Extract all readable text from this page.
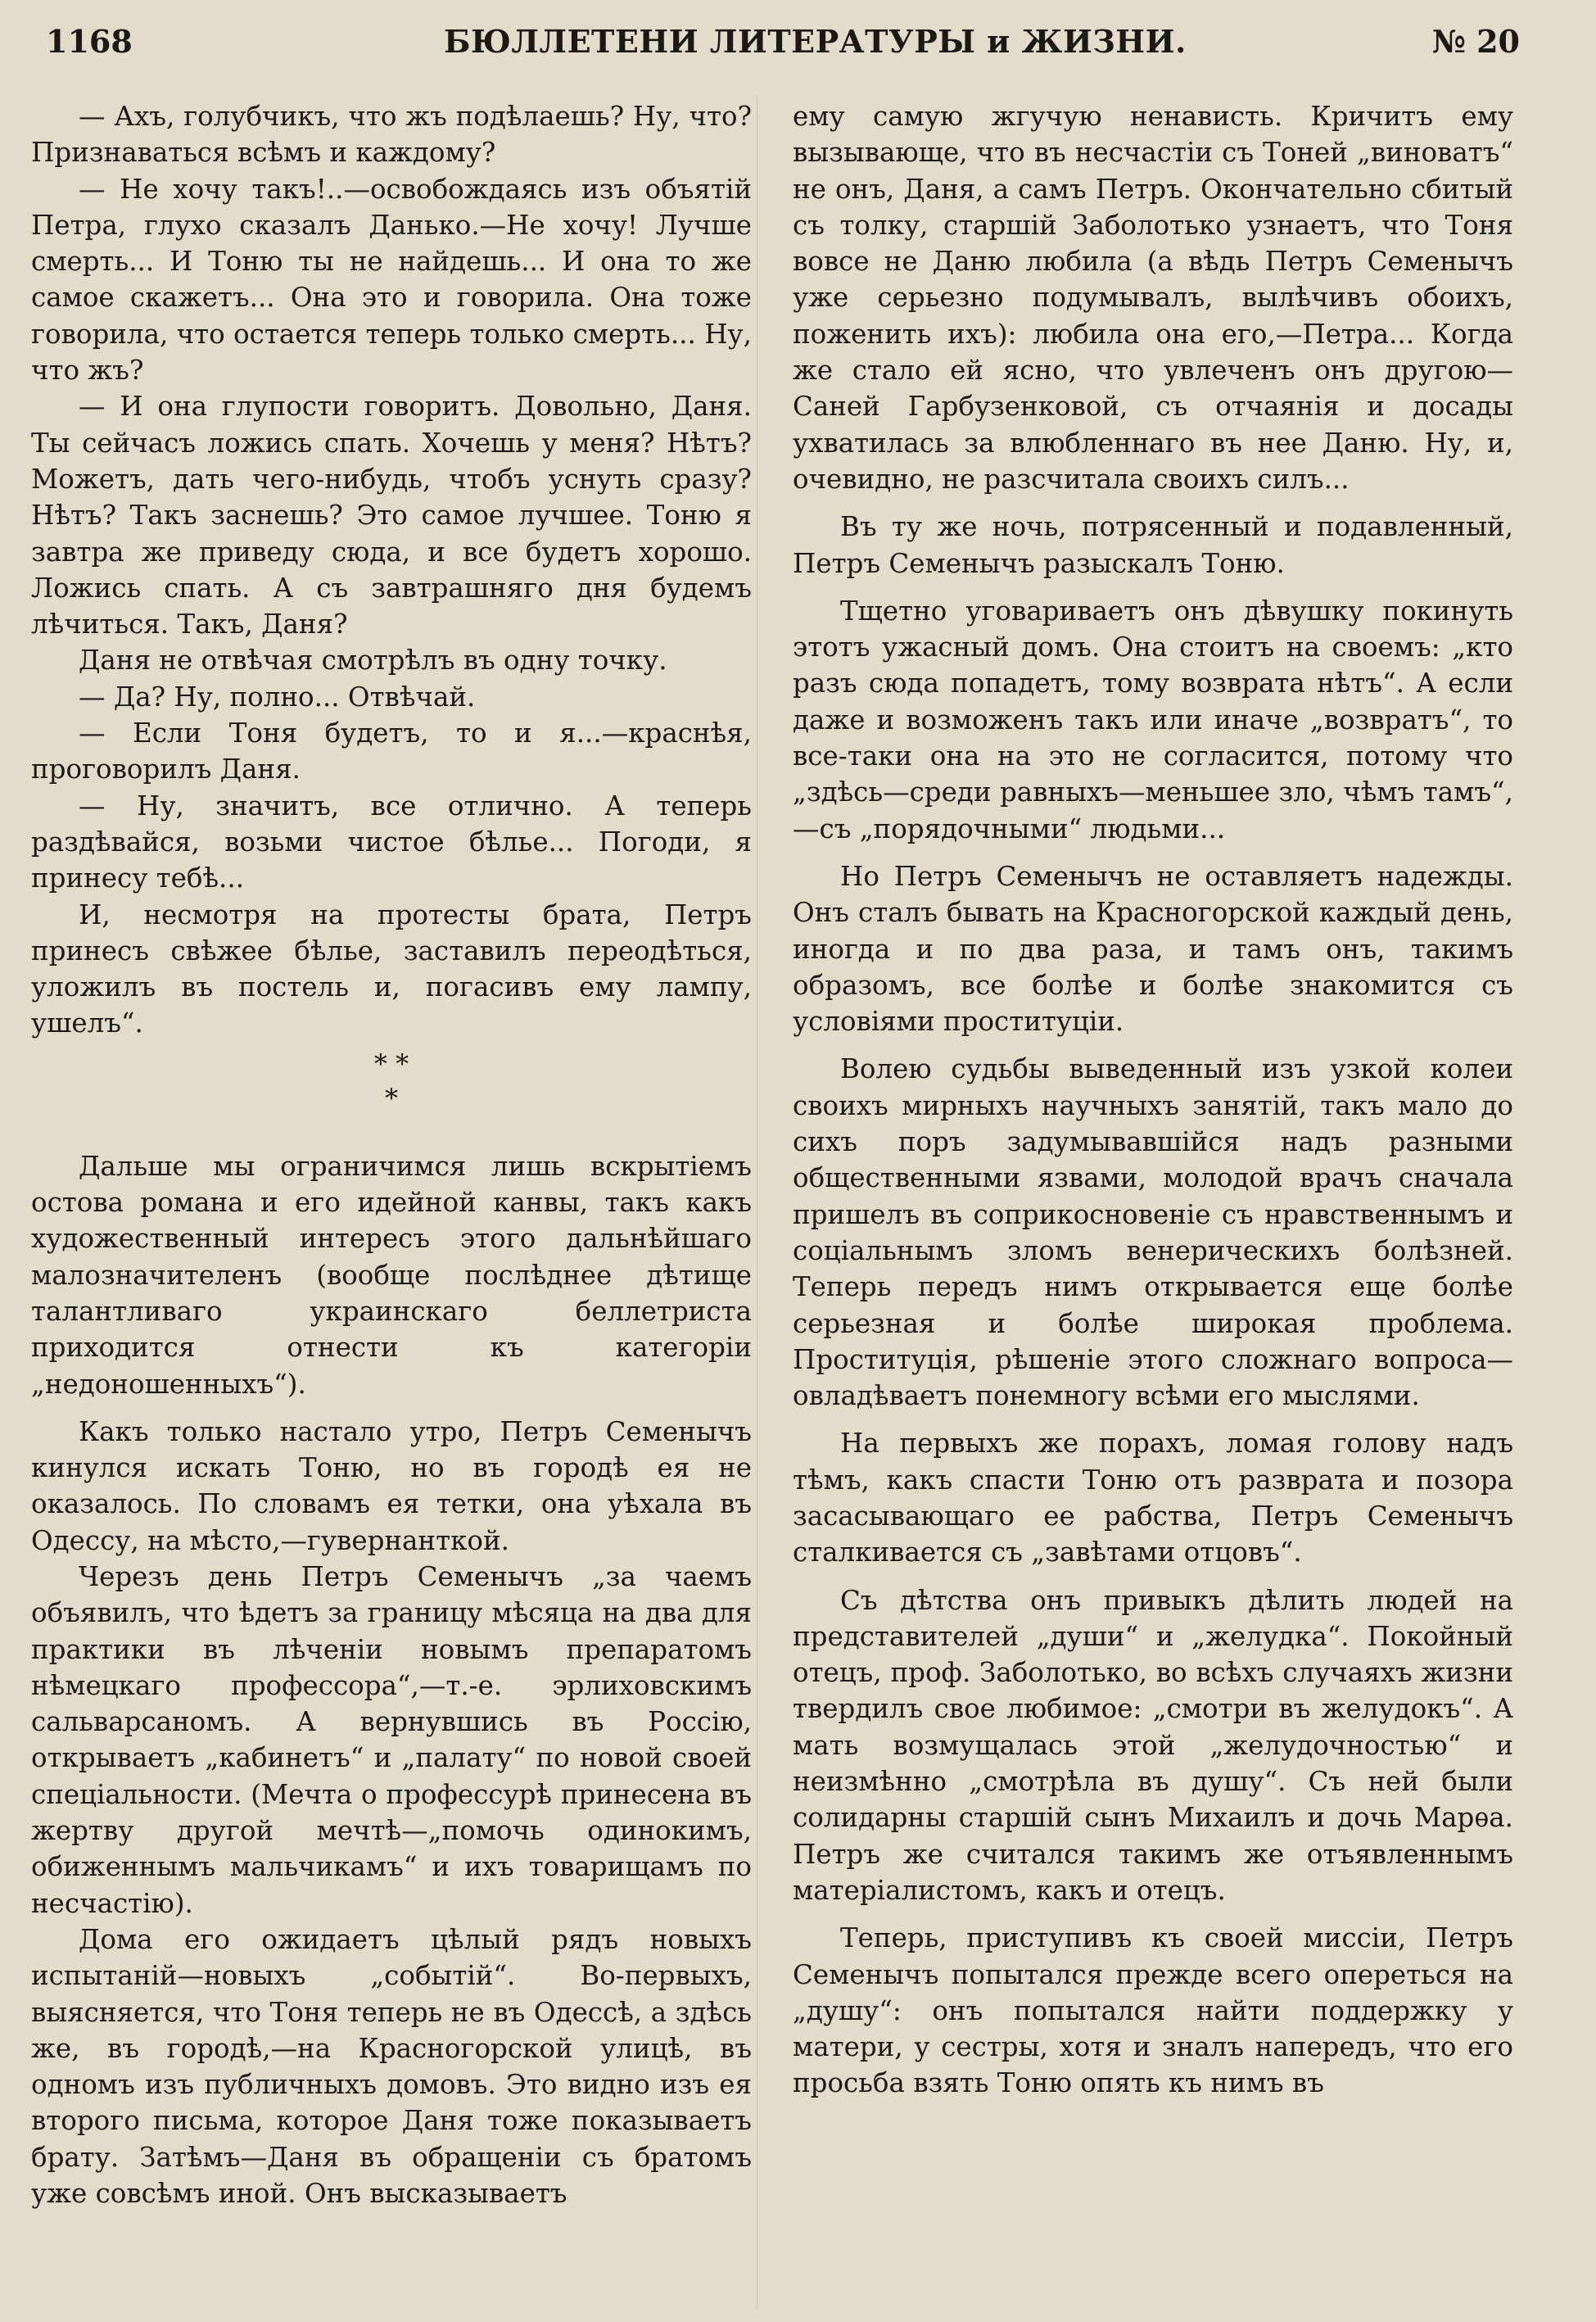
1168	БЮЛЛЕТЕНИ ЛИТЕРАТУРЫ и ЖИЗНИ.	№ 20

— Ахъ, голубчикъ, что жъ подѣлаешь? Ну, что? Признаваться всѣмъ и каждому?

— Не хочу такъ!..—освобождаясь изъ объятій Петра, глухо сказалъ Данько.—Не хочу! Лучше смерть... И Тоню ты не найдешь... И она то же самое скажетъ... Она это и говорила. Она тоже говорила, что остается теперь только смерть... Ну, что жъ?

— И она глупости говоритъ. Довольно, Даня. Ты сейчасъ ложись спать. Хочешь у меня? Нѣтъ? Можетъ, дать чего-нибудь, чтобъ уснуть сразу? Нѣтъ? Такъ заснешь? Это самое лучшее. Тоню я завтра же приведу сюда, и все будетъ хорошо. Ложись спать. А съ завтрашняго дня будемъ лѣчиться. Такъ, Даня?

Даня не отвѣчая смотрѣлъ въ одну точку.

— Да? Ну, полно... Отвѣчай.

— Если Тоня будетъ, то и я...—краснѣя, проговорилъ Даня.

— Ну, значитъ, все отлично. А теперь раздѣвайся, возьми чистое бѣлье... Погоди, я принесу тебѣ...

И, несмотря на протесты брата, Петръ принесъ свѣжее бѣлье, заставилъ переодѣться, уложилъ въ постель и, погасивъ ему лампу, ушелъ“.

* *
*

Дальше мы ограничимся лишь вскрытіемъ остова романа и его идейной канвы, такъ какъ художественный интересъ этого дальнѣйшаго малозначителенъ (вообще послѣднее дѣтище талантливаго украинскаго беллетриста приходится отнести къ категоріи „недоношенныхъ“).

Какъ только настало утро, Петръ Семенычъ кинулся искать Тоню, но въ городѣ ея не оказалось. По словамъ ея тетки, она уѣхала въ Одессу, на мѣсто,—гувернанткой.

Черезъ день Петръ Семенычъ „за чаемъ объявилъ, что ѣдетъ за границу мѣсяца на два для практики въ лѣченіи новымъ препаратомъ нѣмецкаго профессора“,—т.-е. эрлиховскимъ сальварсаномъ. А вернувшись въ Россію, открываетъ „кабинетъ“ и „палату“ по новой своей спеціальности. (Мечта о профессурѣ принесена въ жертву другой мечтѣ—„помочь одинокимъ, обиженнымъ мальчикамъ“ и ихъ товарищамъ по несчастію).

Дома его ожидаетъ цѣлый рядъ новыхъ испытаній—новыхъ „событій“. Во-первыхъ, выясняется, что Тоня теперь не въ Одессѣ, а здѣсь же, въ городѣ,—на Красногорской улицѣ, въ одномъ изъ публичныхъ домовъ. Это видно изъ ея второго письма, которое Даня тоже показываетъ брату. Затѣмъ—Даня въ обращеніи съ братомъ уже совсѣмъ иной. Онъ высказываетъ

ему самую жгучую ненависть. Кричитъ ему вызывающе, что въ несчастіи съ Тоней „виноватъ“ не онъ, Даня, а самъ Петръ. Окончательно сбитый съ толку, старшій Заболотько узнаетъ, что Тоня вовсе не Даню любила (а вѣдь Петръ Семенычъ уже серьезно подумывалъ, вылѣчивъ обоихъ, поженить ихъ): любила она его,—Петра... Когда же стало ей ясно, что увлеченъ онъ другою—Саней Гарбузенковой, съ отчаянія и досады ухватилась за влюбленнаго въ нее Даню. Ну, и, очевидно, не разсчитала своихъ силъ...

Въ ту же ночь, потрясенный и подавленный, Петръ Семенычъ разыскалъ Тоню.

Тщетно уговариваетъ онъ дѣвушку покинуть этотъ ужасный домъ. Она стоитъ на своемъ: „кто разъ сюда попадетъ, тому возврата нѣтъ“. А если даже и возможенъ такъ или иначе „возвратъ“, то все-таки она на это не согласится, потому что „здѣсь—среди равныхъ—меньшее зло, чѣмъ тамъ“,—съ „порядочными“ людьми...

Но Петръ Семенычъ не оставляетъ надежды. Онъ сталъ бывать на Красногорской каждый день, иногда и по два раза, и тамъ онъ, такимъ образомъ, все болѣе и болѣе знакомится съ условіями проституціи.

Волею судьбы выведенный изъ узкой колеи своихъ мирныхъ научныхъ занятій, такъ мало до сихъ поръ задумывавшійся надъ разными общественными язвами, молодой врачъ сначала пришелъ въ соприкосновеніе съ нравственнымъ и соціальнымъ зломъ венерическихъ болѣзней. Теперь передъ нимъ открывается еще болѣе серьезная и болѣе широкая проблема. Проституція, рѣшеніе этого сложнаго вопроса—овладѣваетъ понемногу всѣми его мыслями.

На первыхъ же порахъ, ломая голову надъ тѣмъ, какъ спасти Тоню отъ разврата и позора засасывающаго ее рабства, Петръ Семенычъ сталкивается съ „завѣтами отцовъ“.

Съ дѣтства онъ привыкъ дѣлить людей на представителей „души“ и „желудка“. Покойный отецъ, проф. Заболотько, во всѣхъ случаяхъ жизни твердилъ свое любимое: „смотри въ желудокъ“. А мать возмущалась этой „желудочностью“ и неизмѣнно „смотрѣла въ душу“. Съ ней были солидарны старшій сынъ Михаилъ и дочь Марѳа. Петръ же считался такимъ же отъявленнымъ матеріалистомъ, какъ и отецъ.

Теперь, приступивъ къ своей миссіи, Петръ Семенычъ попытался прежде всего опереться на „душу“: онъ попытался найти поддержку у матери, у сестры, хотя и зналъ напередъ, что его просьба взять Тоню опять къ нимъ въ
